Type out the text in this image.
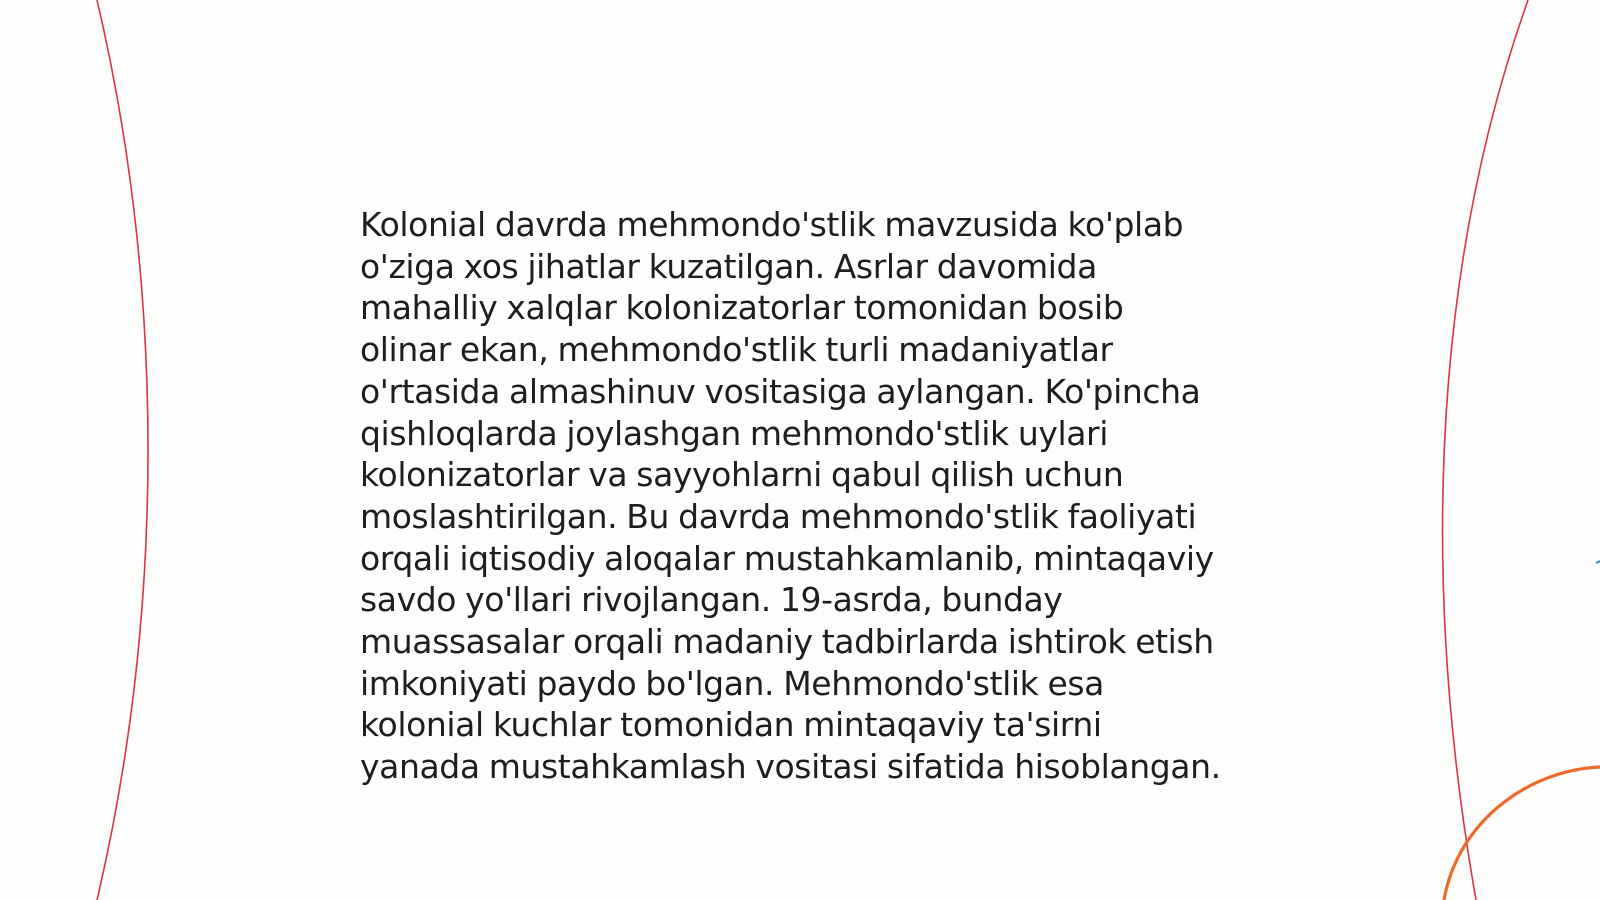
Kolonial davrda mehmondo'stlik mavzusida ko'plab
o'ziga xos jihatlar kuzatilgan. Asrlar davomida
mahalliy xalqlar kolonizatorlar tomonidan bosib
olinar ekan, mehmondo'stlik turli madaniyatlar
o'rtasida almashinuv vositasiga aylangan. Ko'pincha
qishloqlarda joylashgan mehmondo'stlik uylari
kolonizatorlar va sayyohlarni qabul qilish uchun
moslashtirilgan. Bu davrda mehmondo'stlik faoliyati
orqali iqtisodiy aloqalar mustahkamlanib, mintaqaviy
savdo yo'llari rivojlangan. 19-asrda, bunday
muassasalar orqali madaniy tadbirlarda ishtirok etish
imkoniyati paydo bo'lgan. Mehmondo'stlik esa
kolonial kuchlar tomonidan mintaqaviy ta'sirni
yanada mustahkamlash vositasi sifatida hisoblangan.
